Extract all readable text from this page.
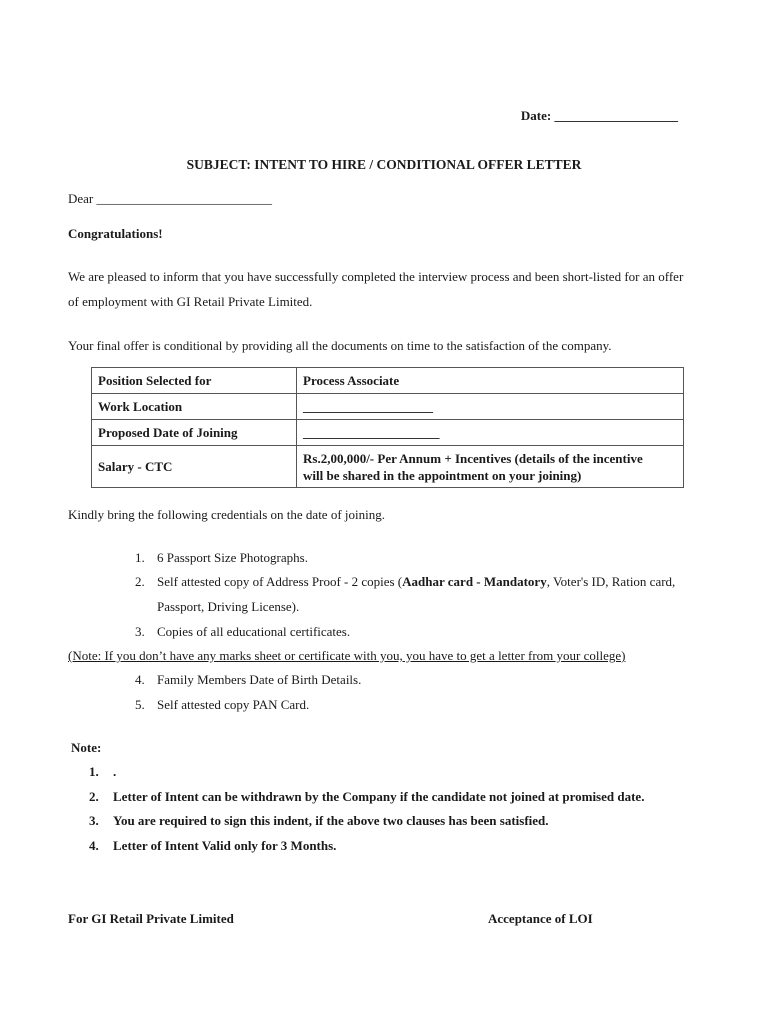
Date: ___________________
SUBJECT: INTENT TO HIRE / CONDITIONAL OFFER LETTER
Dear ___________________________
Congratulations!
We are pleased to inform that you have successfully completed the interview process and been short-listed for an offer
of employment with GI Retail Private Limited.
Your final offer is conditional by providing all the documents on time to the satisfaction of the company.
Position Selected for	Process Associate
Work Location	____________________
Proposed Date of Joining	_____________________
Salary - CTC	Rs.2,00,000/- Per Annum + Incentives (details of the incentive
will be shared in the appointment on your joining)
Kindly bring the following credentials on the date of joining.
1. 6 Passport Size Photographs.
2. Self attested copy of Address Proof - 2 copies (Aadhar card - Mandatory, Voter's ID, Ration card,
Passport, Driving License).
3. Copies of all educational certificates.
(Note: If you don’t have any marks sheet or certificate with you, you have to get a letter from your college)
4. Family Members Date of Birth Details.
5. Self attested copy PAN Card.
Note:
1. .
2. Letter of Intent can be withdrawn by the Company if the candidate not joined at promised date.
3. You are required to sign this indent, if the above two clauses has been satisfied.
4. Letter of Intent Valid only for 3 Months.
For GI Retail Private Limited	Acceptance of LOI
